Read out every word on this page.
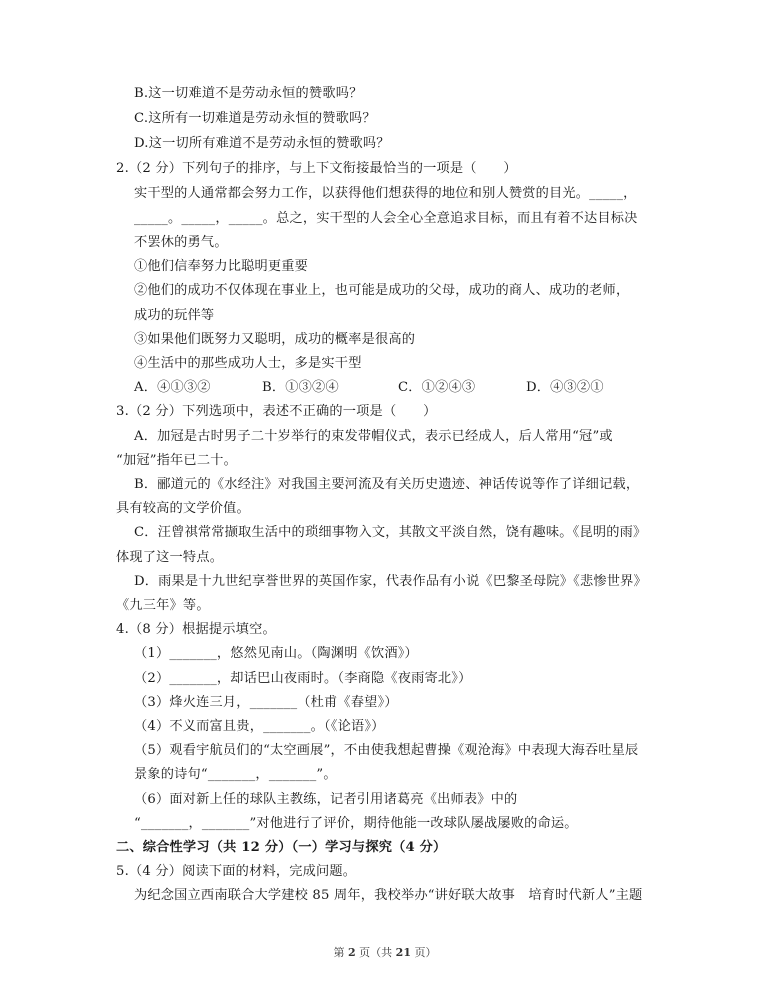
B.这一切难道不是劳动永恒的赞歌吗？
C.这所有一切难道是劳动永恒的赞歌吗？
D.这一切所有难道不是劳动永恒的赞歌吗？
2.（2 分）下列句子的排序，与上下文衔接最恰当的一项是（　　）
实干型的人通常都会努力工作，以获得他们想获得的地位和别人赞赏的目光。_____，
_____。_____，_____。总之，实干型的人会全心全意追求目标，而且有着不达目标决
不罢休的勇气。
①他们信奉努力比聪明更重要
②他们的成功不仅体现在事业上，也可能是成功的父母，成功的商人、成功的老师，
成功的玩伴等
③如果他们既努力又聪明，成功的概率是很高的
④生活中的那些成功人士，多是实干型
A．④①③②	B．①③②④	C．①②④③	D．④③②①
3.（2 分）下列选项中，表述不正确的一项是（　　）
A．加冠是古时男子二十岁举行的束发带帽仪式，表示已经成人，后人常用“冠”或
“加冠”指年已二十。
B．郦道元的《水经注》对我国主要河流及有关历史遗迹、神话传说等作了详细记载，
具有较高的文学价值。
C．汪曾祺常常撷取生活中的琐细事物入文，其散文平淡自然，饶有趣味。《昆明的雨》
体现了这一特点。
D．雨果是十九世纪享誉世界的英国作家，代表作品有小说《巴黎圣母院》《悲惨世界》
《九三年》等。
4.（8 分）根据提示填空。
（1）_______，悠然见南山。（陶渊明《饮酒》）
（2）_______，却话巴山夜雨时。（李商隐《夜雨寄北》）
（3）烽火连三月，_______（杜甫《春望》）
（4）不义而富且贵，_______。（《论语》）
（5）观看宇航员们的“太空画展”，不由使我想起曹操《观沧海》中表现大海吞吐星辰
景象的诗句“_______，_______”。
（6）面对新上任的球队主教练，记者引用诸葛亮《出师表》中的
“_______，_______”对他进行了评价，期待他能一改球队屡战屡败的命运。
二、综合性学习（共 12 分）（一）学习与探究（4 分）
5.（4 分）阅读下面的材料，完成问题。
为纪念国立西南联合大学建校 85 周年，我校举办“讲好联大故事　培育时代新人”主题
第 2 页（共 21 页）
